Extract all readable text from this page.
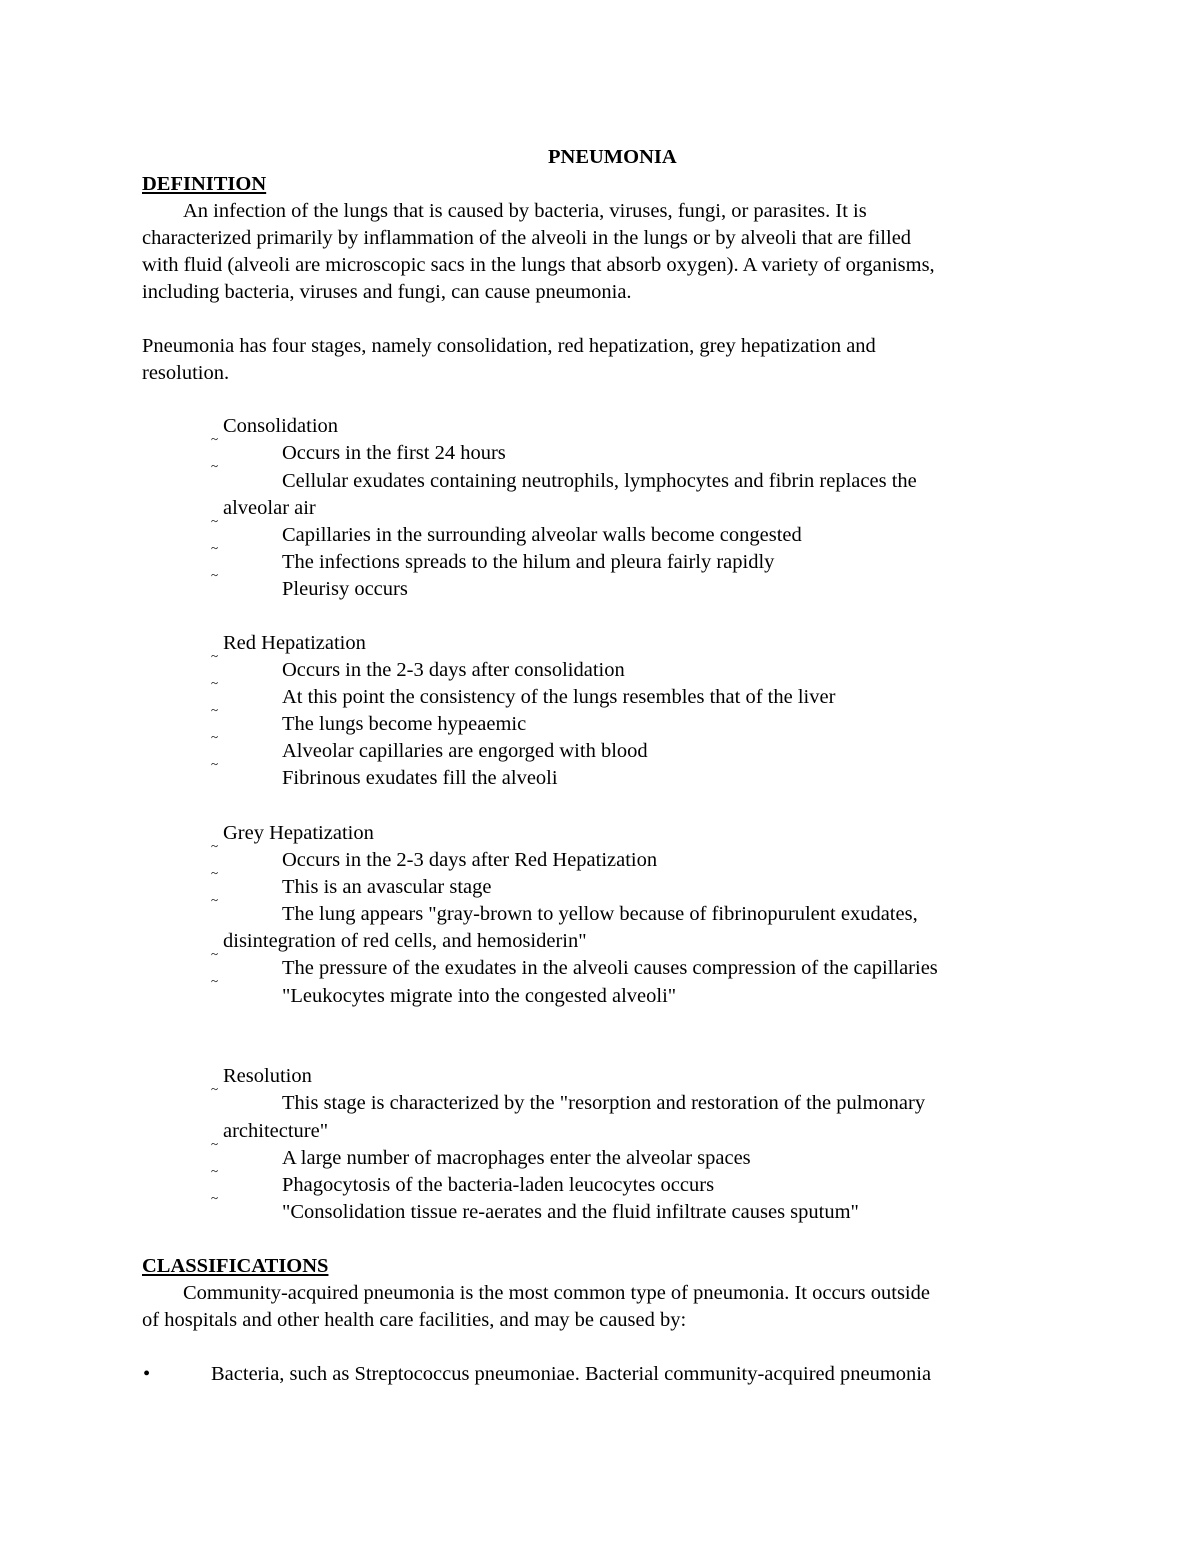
PNEUMONIA
DEFINITION
An infection of the lungs that is caused by bacteria, viruses, fungi, or parasites. It is
characterized primarily by inflammation of the alveoli in the lungs or by alveoli that are filled
with fluid (alveoli are microscopic sacs in the lungs that absorb oxygen). A variety of organisms,
including bacteria, viruses and fungi, can cause pneumonia.
Pneumonia has four stages, namely consolidation, red hepatization, grey hepatization and
resolution.
Consolidation
~
Occurs in the first 24 hours
~
Cellular exudates containing neutrophils, lymphocytes and fibrin replaces the
alveolar air
~
Capillaries in the surrounding alveolar walls become congested
~
The infections spreads to the hilum and pleura fairly rapidly
~
Pleurisy occurs
Red Hepatization
~
Occurs in the 2-3 days after consolidation
~
At this point the consistency of the lungs resembles that of the liver
~
The lungs become hypeaemic
~
Alveolar capillaries are engorged with blood
~
Fibrinous exudates fill the alveoli
Grey Hepatization
~
Occurs in the 2-3 days after Red Hepatization
~
This is an avascular stage
~
The lung appears "gray-brown to yellow because of fibrinopurulent exudates,
disintegration of red cells, and hemosiderin"
~
The pressure of the exudates in the alveoli causes compression of the capillaries
~
"Leukocytes migrate into the congested alveoli"
Resolution
~
This stage is characterized by the "resorption and restoration of the pulmonary
architecture"
~
A large number of macrophages enter the alveolar spaces
~
Phagocytosis of the bacteria-laden leucocytes occurs
~
"Consolidation tissue re-aerates and the fluid infiltrate causes sputum"
CLASSIFICATIONS
Community-acquired pneumonia is the most common type of pneumonia. It occurs outside
of hospitals and other health care facilities, and may be caused by:
•	Bacteria, such as Streptococcus pneumoniae. Bacterial community-acquired pneumonia
